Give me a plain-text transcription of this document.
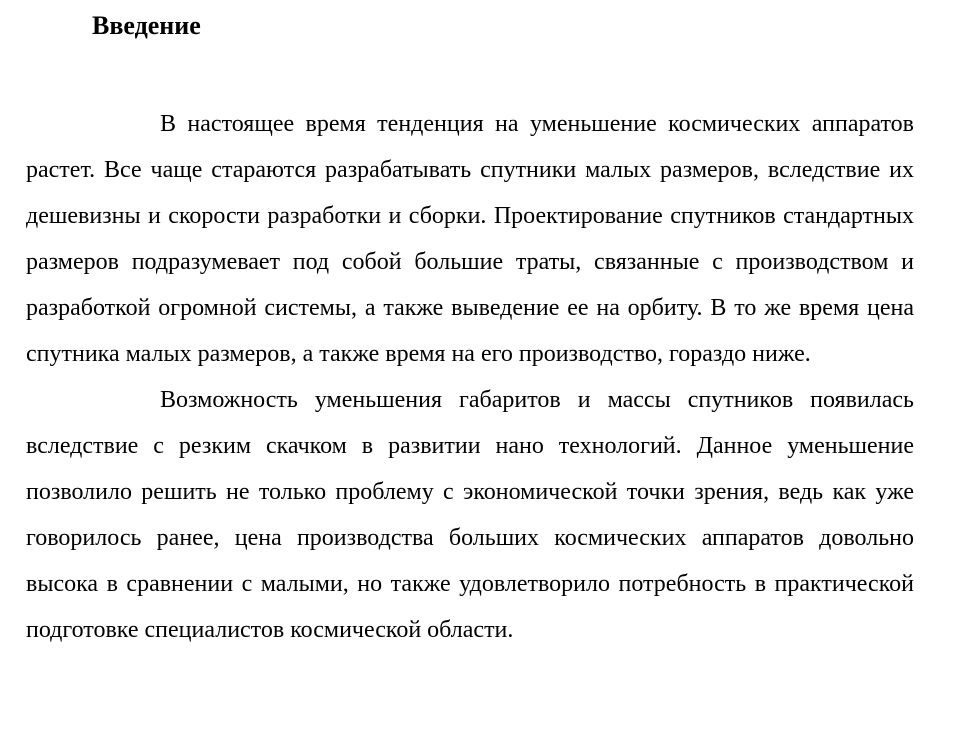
Введение

В настоящее время тенденция на уменьшение космических аппаратов растет. Все чаще стараются разрабатывать спутники малых размеров, вследствие их дешевизны и скорости разработки и сборки. Проектирование спутников стандартных размеров подразумевает под собой большие траты, связанные с производством и разработкой огромной системы, а также выведение ее на орбиту. В то же время цена спутника малых размеров, а также время на его производство, гораздо ниже.

Возможность уменьшения габаритов и массы спутников появилась вследствие с резким скачком в развитии нано технологий. Данное уменьшение позволило решить не только проблему с экономической точки зрения, ведь как уже говорилось ранее, цена производства больших космических аппаратов довольно высока в сравнении с малыми, но также удовлетворило потребность в практической подготовке специалистов космической области.
